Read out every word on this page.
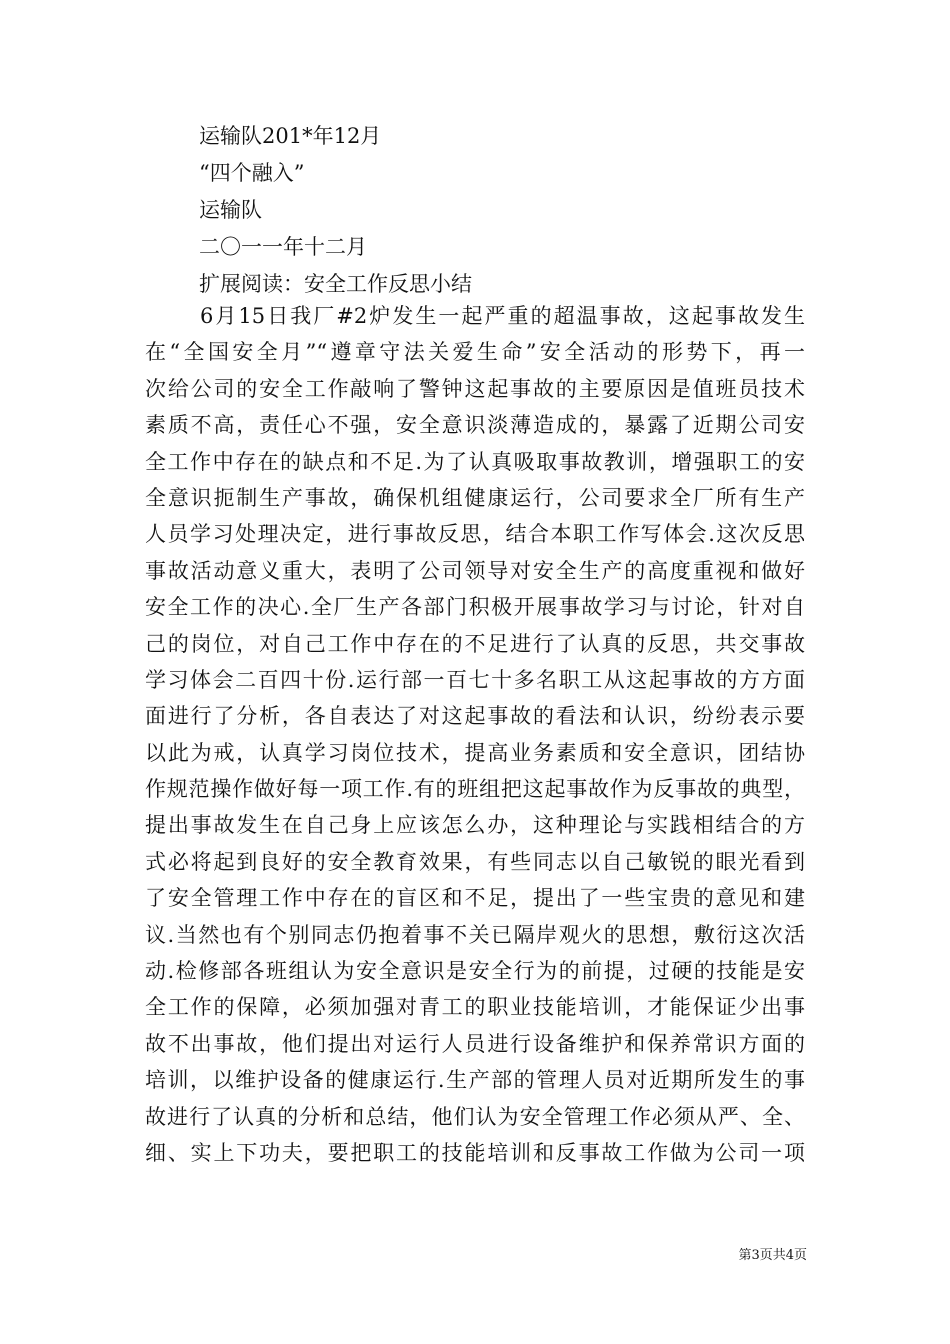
运输队201*年12月
“四个融入”
运输队
二〇一一年十二月
扩展阅读：安全工作反思小结
6月15日我厂#2炉发生一起严重的超温事故，这起事故发生
在“全国安全月”“遵章守法关爱生命”安全活动的形势下，再一
次给公司的安全工作敲响了警钟这起事故的主要原因是值班员技术
素质不高，责任心不强，安全意识淡薄造成的，暴露了近期公司安
全工作中存在的缺点和不足.为了认真吸取事故教训，增强职工的安
全意识扼制生产事故，确保机组健康运行，公司要求全厂所有生产
人员学习处理决定，进行事故反思，结合本职工作写体会.这次反思
事故活动意义重大，表明了公司领导对安全生产的高度重视和做好
安全工作的决心.全厂生产各部门积极开展事故学习与讨论，针对自
己的岗位，对自己工作中存在的不足进行了认真的反思，共交事故
学习体会二百四十份.运行部一百七十多名职工从这起事故的方方面
面进行了分析，各自表达了对这起事故的看法和认识，纷纷表示要
以此为戒，认真学习岗位技术，提高业务素质和安全意识，团结协
作规范操作做好每一项工作.有的班组把这起事故作为反事故的典型，
提出事故发生在自己身上应该怎么办，这种理论与实践相结合的方
式必将起到良好的安全教育效果，有些同志以自己敏锐的眼光看到
了安全管理工作中存在的盲区和不足，提出了一些宝贵的意见和建
议.当然也有个别同志仍抱着事不关已隔岸观火的思想，敷衍这次活
动.检修部各班组认为安全意识是安全行为的前提，过硬的技能是安
全工作的保障，必须加强对青工的职业技能培训，才能保证少出事
故不出事故，他们提出对运行人员进行设备维护和保养常识方面的
培训，以维护设备的健康运行.生产部的管理人员对近期所发生的事
故进行了认真的分析和总结，他们认为安全管理工作必须从严、全、
细、实上下功夫，要把职工的技能培训和反事故工作做为公司一项
第3页共4页
